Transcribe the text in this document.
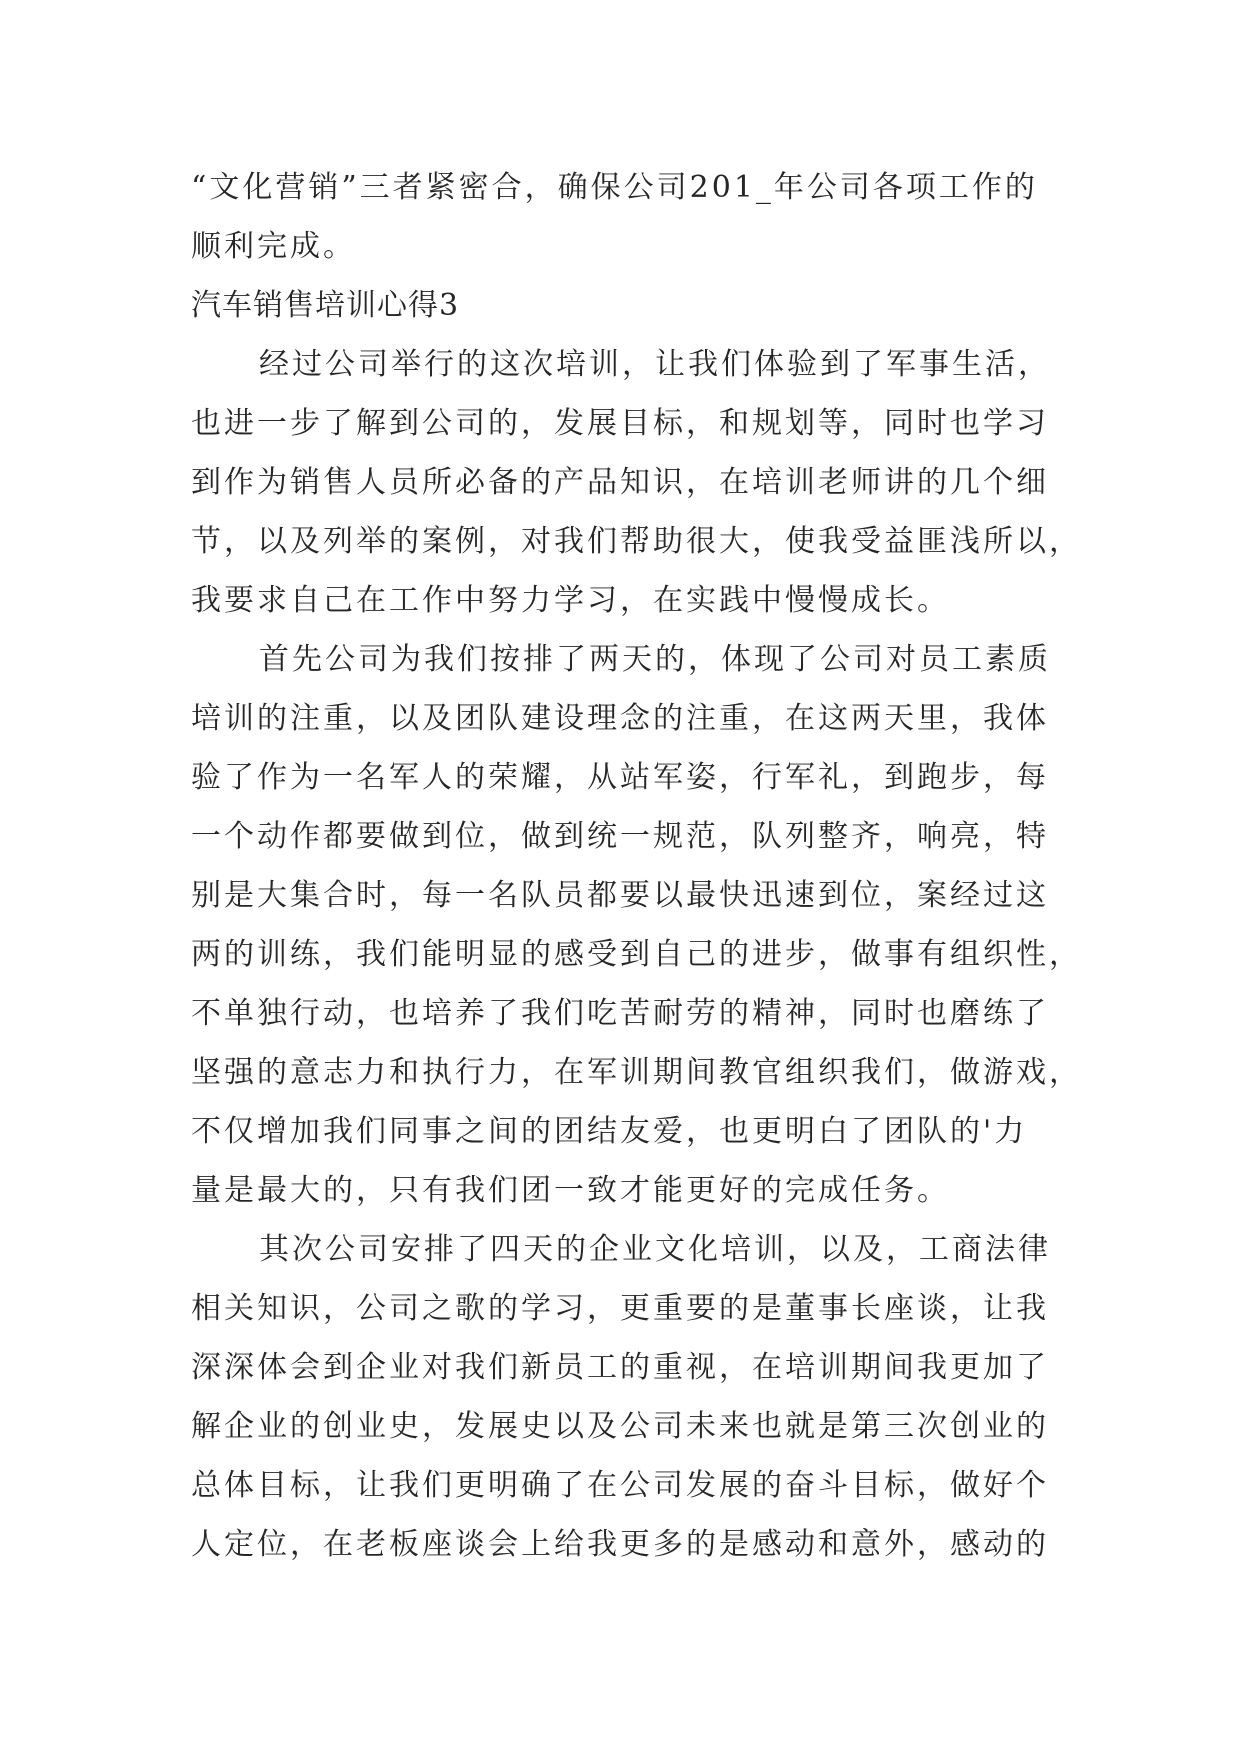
“文化营销”三者紧密合，确保公司201_年公司各项工作的
顺利完成。
汽车销售培训心得3
经过公司举行的这次培训，让我们体验到了军事生活，
也进一步了解到公司的，发展目标，和规划等，同时也学习
到作为销售人员所必备的产品知识，在培训老师讲的几个细
节，以及列举的案例，对我们帮助很大，使我受益匪浅所以，
我要求自己在工作中努力学习，在实践中慢慢成长。
首先公司为我们按排了两天的，体现了公司对员工素质
培训的注重，以及团队建设理念的注重，在这两天里，我体
验了作为一名军人的荣耀，从站军姿，行军礼，到跑步，每
一个动作都要做到位，做到统一规范，队列整齐，响亮，特
别是大集合时，每一名队员都要以最快迅速到位，案经过这
两的训练，我们能明显的感受到自己的进步，做事有组织性，
不单独行动，也培养了我们吃苦耐劳的精神，同时也磨练了
坚强的意志力和执行力，在军训期间教官组织我们，做游戏，
不仅增加我们同事之间的团结友爱，也更明白了团队的'力
量是最大的，只有我们团一致才能更好的完成任务。
其次公司安排了四天的企业文化培训，以及，工商法律
相关知识，公司之歌的学习，更重要的是董事长座谈，让我
深深体会到企业对我们新员工的重视，在培训期间我更加了
解企业的创业史，发展史以及公司未来也就是第三次创业的
总体目标，让我们更明确了在公司发展的奋斗目标，做好个
人定位，在老板座谈会上给我更多的是感动和意外，感动的
